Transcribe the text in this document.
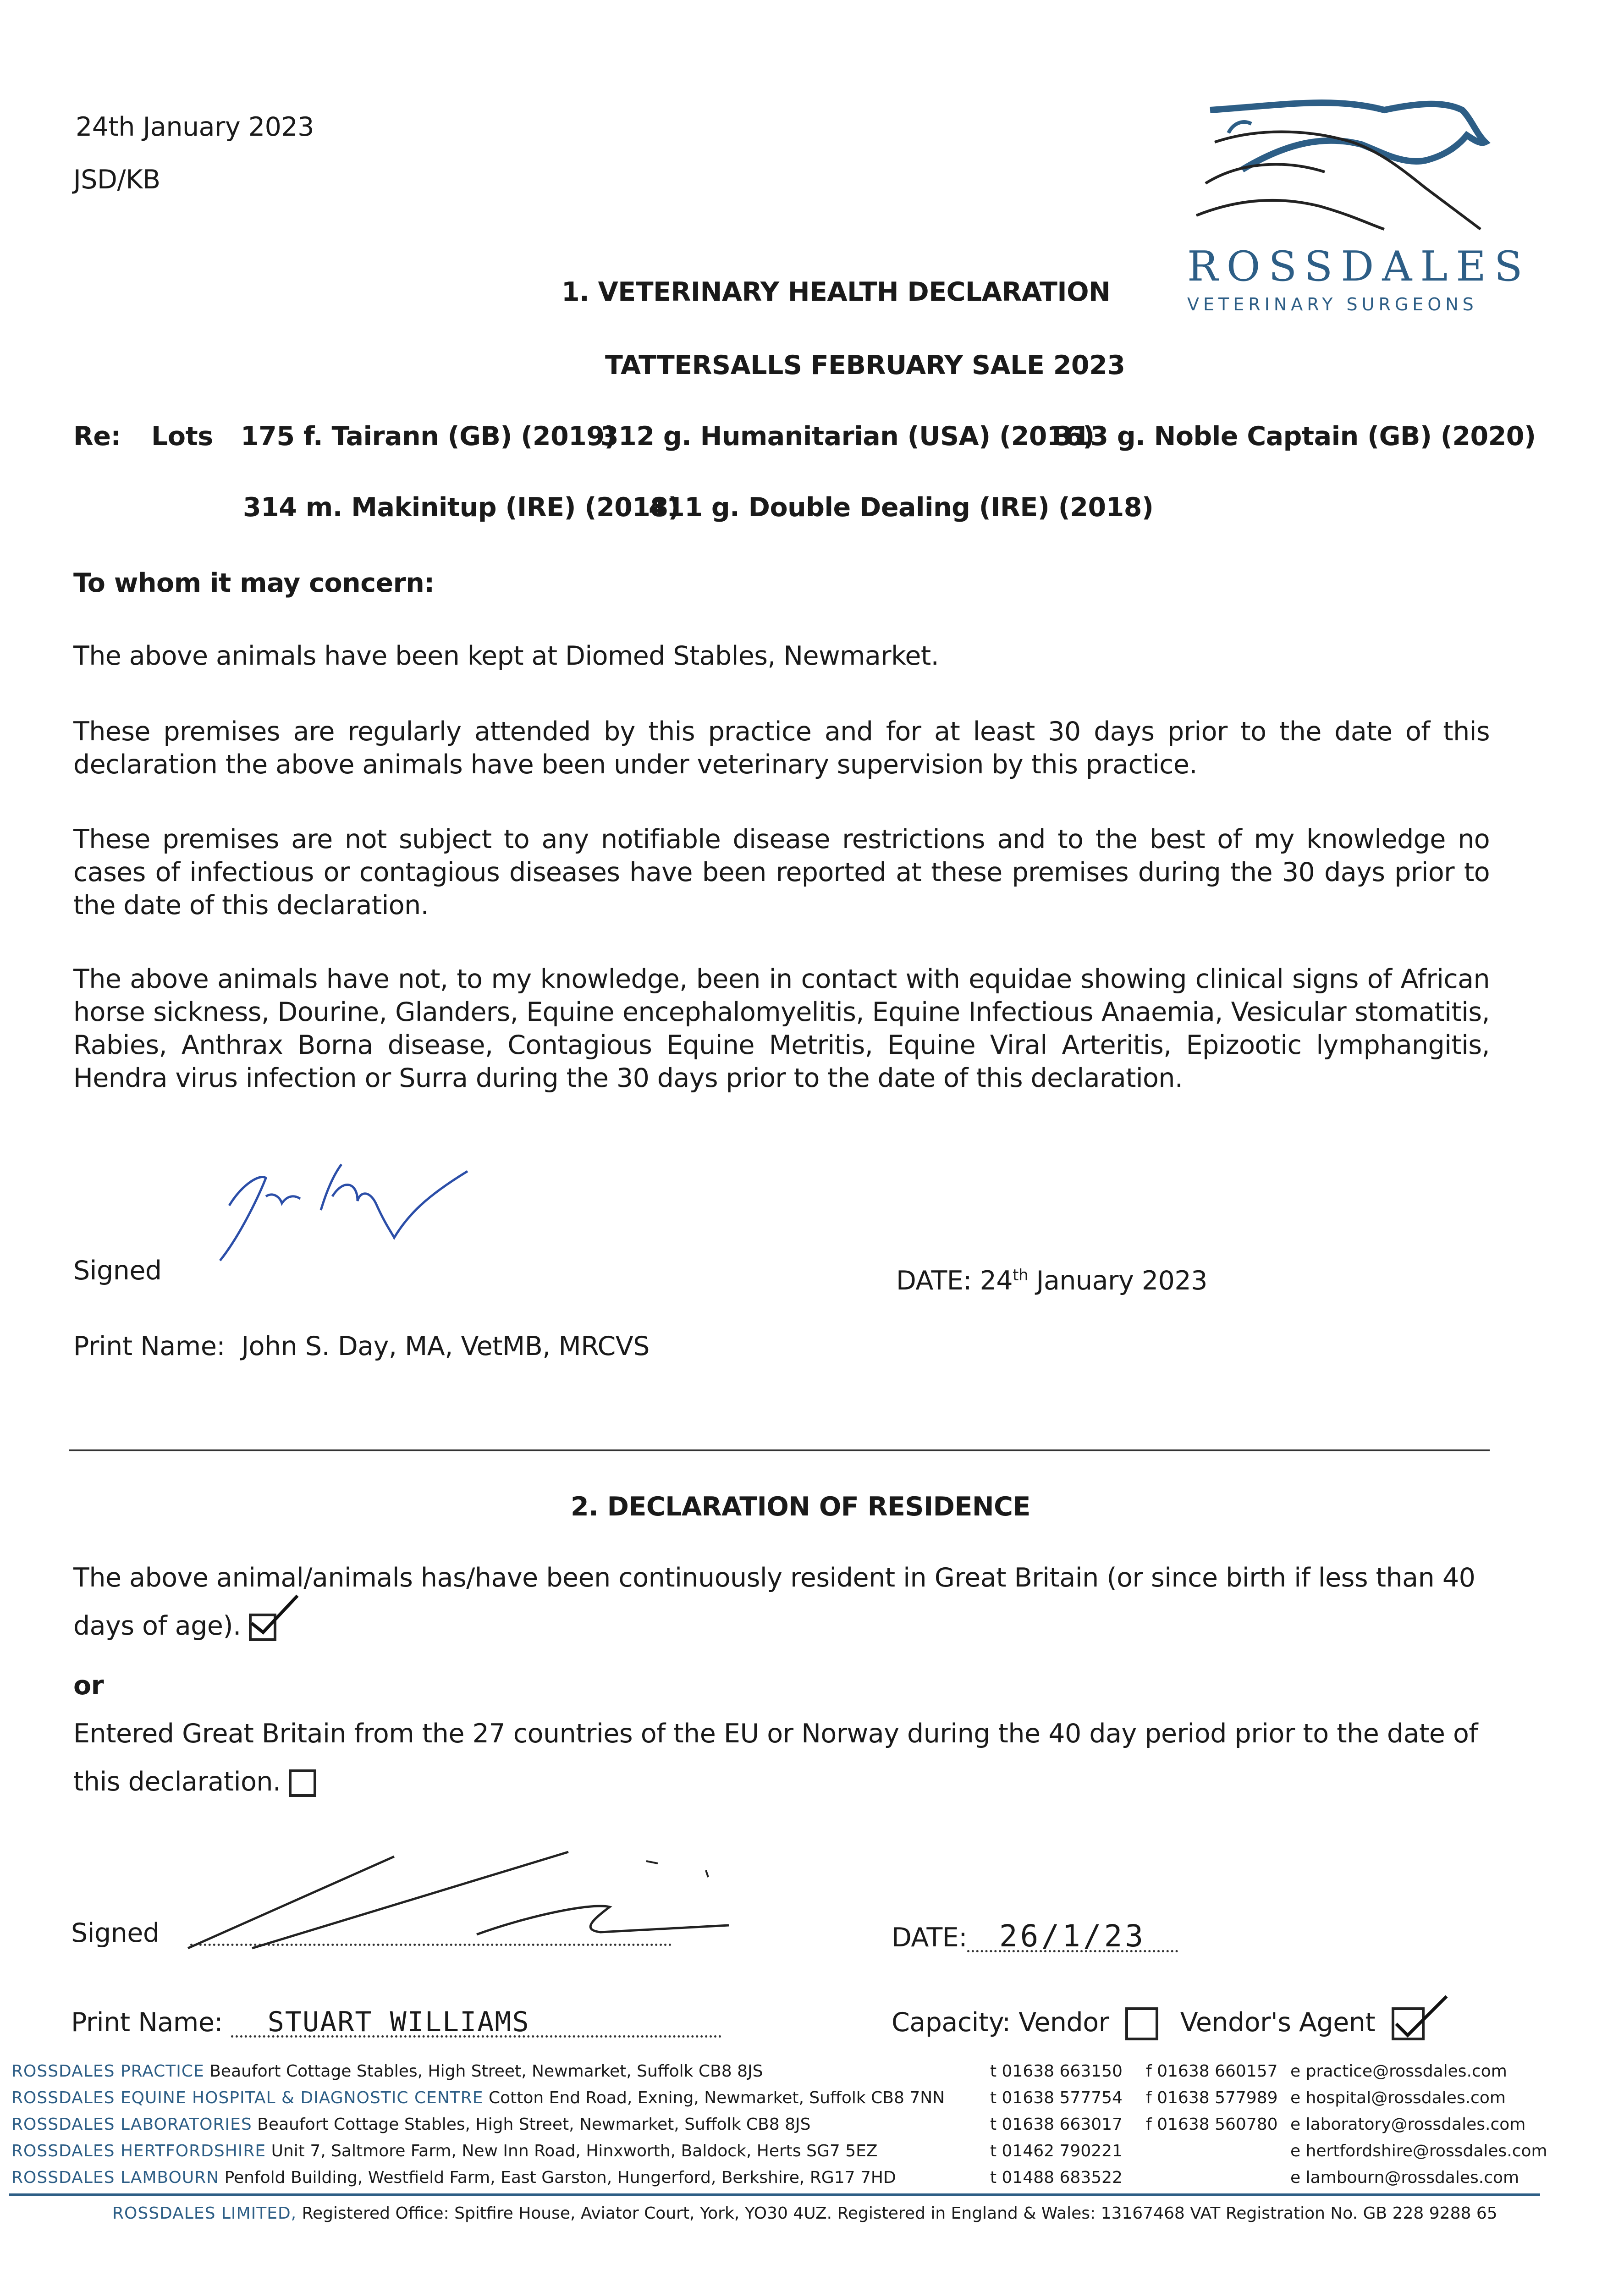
24th January 2023
JSD/KB
ROSSDALES
VETERINARY SURGEONS
1. VETERINARY HEALTH DECLARATION
TATTERSALLS FEBRUARY SALE 2023
Re: Lots 175 f. Tairann (GB) (2019)
312 g. Humanitarian (USA) (2016)
313 g. Noble Captain (GB) (2020)
314 m. Makinitup (IRE) (2018)
411 g. Double Dealing (IRE) (2018)
To whom it may concern:
The above animals have been kept at Diomed Stables, Newmarket.
These premises are regularly attended by this practice and for at least 30 days prior to the date of this declaration the above animals have been under veterinary supervision by this practice.
These premises are not subject to any notifiable disease restrictions and to the best of my knowledge no cases of infectious or contagious diseases have been reported at these premises during the 30 days prior to the date of this declaration.
The above animals have not, to my knowledge, been in contact with equidae showing clinical signs of African horse sickness, Dourine, Glanders, Equine encephalomyelitis, Equine Infectious Anaemia, Vesicular stomatitis, Rabies, Anthrax Borna disease, Contagious Equine Metritis, Equine Viral Arteritis, Epizootic lymphangitis, Hendra virus infection or Surra during the 30 days prior to the date of this declaration.
Signed	DATE: 24th January 2023
Print Name: John S. Day, MA, VetMB, MRCVS
2. DECLARATION OF RESIDENCE
The above animal/animals has/have been continuously resident in Great Britain (or since birth if less than 40
days of age).
or
Entered Great Britain from the 27 countries of the EU or Norway during the 40 day period prior to the date of
this declaration.
Signed	DATE: 26/1/23
Print Name: STUART WILLIAMS	Capacity: Vendor	Vendor's Agent
ROSSDALES PRACTICE Beaufort Cottage Stables, High Street, Newmarket, Suffolk CB8 8JS	t 01638 663150 f 01638 660157 e practice@rossdales.com
ROSSDALES EQUINE HOSPITAL & DIAGNOSTIC CENTRE Cotton End Road, Exning, Newmarket, Suffolk CB8 7NN	t 01638 577754 f 01638 577989 e hospital@rossdales.com
ROSSDALES LABORATORIES Beaufort Cottage Stables, High Street, Newmarket, Suffolk CB8 8JS	t 01638 663017 f 01638 560780 e laboratory@rossdales.com
ROSSDALES HERTFORDSHIRE Unit 7, Saltmore Farm, New Inn Road, Hinxworth, Baldock, Herts SG7 5EZ	t 01462 790221	e hertfordshire@rossdales.com
ROSSDALES LAMBOURN Penfold Building, Westfield Farm, East Garston, Hungerford, Berkshire, RG17 7HD	t 01488 683522	e lambourn@rossdales.com
ROSSDALES LIMITED, Registered Office: Spitfire House, Aviator Court, York, YO30 4UZ. Registered in England & Wales: 13167468 VAT Registration No. GB 228 9288 65
